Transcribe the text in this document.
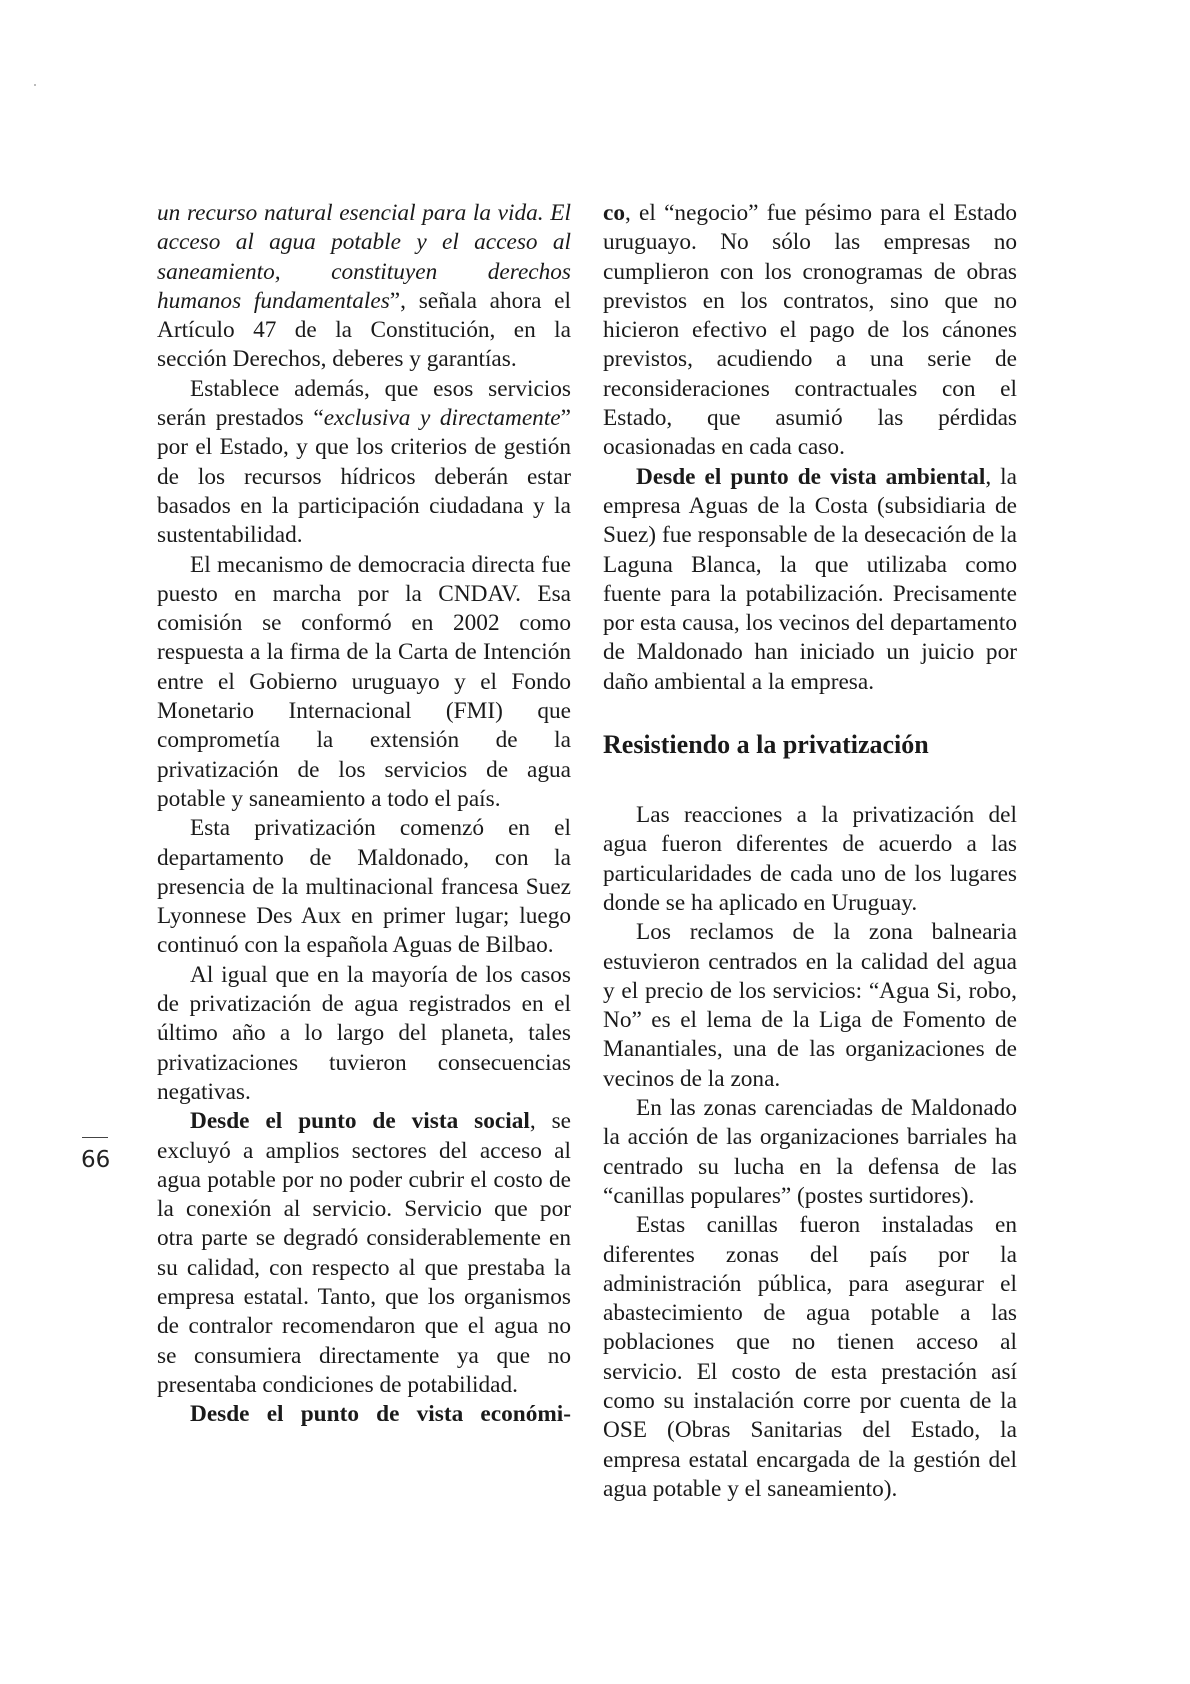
66

un recurso natural esencial para la vida. El acceso al agua potable y el acceso al saneamiento, constituyen derechos humanos fundamentales”, señala ahora el Artículo 47 de la Constitución, en la sección Derechos, deberes y garantías.

Establece además, que esos servicios serán prestados “exclusiva y directamente” por el Estado, y que los criterios de gestión de los recursos hídricos deberán estar basados en la participación ciudadana y la sustentabilidad.

El mecanismo de democracia directa fue puesto en marcha por la CNDAV. Esa comisión se conformó en 2002 como respuesta a la firma de la Carta de Intención entre el Gobierno uruguayo y el Fondo Monetario Internacional (FMI) que comprometía la extensión de la privatización de los servicios de agua potable y saneamiento a todo el país.

Esta privatización comenzó en el departamento de Maldonado, con la presencia de la multinacional francesa Suez Lyonnese Des Aux en primer lugar; luego continuó con la española Aguas de Bilbao.

Al igual que en la mayoría de los casos de privatización de agua registrados en el último año a lo largo del planeta, tales privatizaciones tuvieron consecuencias negativas.

Desde el punto de vista social, se excluyó a amplios sectores del acceso al agua potable por no poder cubrir el costo de la conexión al servicio. Servicio que por otra parte se degradó considerablemente en su calidad, con respecto al que prestaba la empresa estatal. Tanto, que los organismos de contralor recomendaron que el agua no se consumiera directamente ya que no presentaba condiciones de potabilidad.

Desde el punto de vista económi-

co, el “negocio” fue pésimo para el Estado uruguayo. No sólo las empresas no cumplieron con los cronogramas de obras previstos en los contratos, sino que no hicieron efectivo el pago de los cánones previstos, acudiendo a una serie de reconsideraciones contractuales con el Estado, que asumió las pérdidas ocasionadas en cada caso.

Desde el punto de vista ambiental, la empresa Aguas de la Costa (subsidiaria de Suez) fue responsable de la desecación de la Laguna Blanca, la que utilizaba como fuente para la potabilización. Precisamente por esta causa, los vecinos del departamento de Maldonado han iniciado un juicio por daño ambiental a la empresa.

Resistiendo a la privatización

Las reacciones a la privatización del agua fueron diferentes de acuerdo a las particularidades de cada uno de los lugares donde se ha aplicado en Uruguay.

Los reclamos de la zona balnearia estuvieron centrados en la calidad del agua y el precio de los servicios: “Agua Si, robo, No” es el lema de la Liga de Fomento de Manantiales, una de las organizaciones de vecinos de la zona.

En las zonas carenciadas de Maldonado la acción de las organizaciones barriales ha centrado su lucha en la defensa de las “canillas populares” (postes surtidores).

Estas canillas fueron instaladas en diferentes zonas del país por la administración pública, para asegurar el abastecimiento de agua potable a las poblaciones que no tienen acceso al servicio. El costo de esta prestación así como su instalación corre por cuenta de la OSE (Obras Sanitarias del Estado, la empresa estatal encargada de la gestión del agua potable y el saneamiento).
